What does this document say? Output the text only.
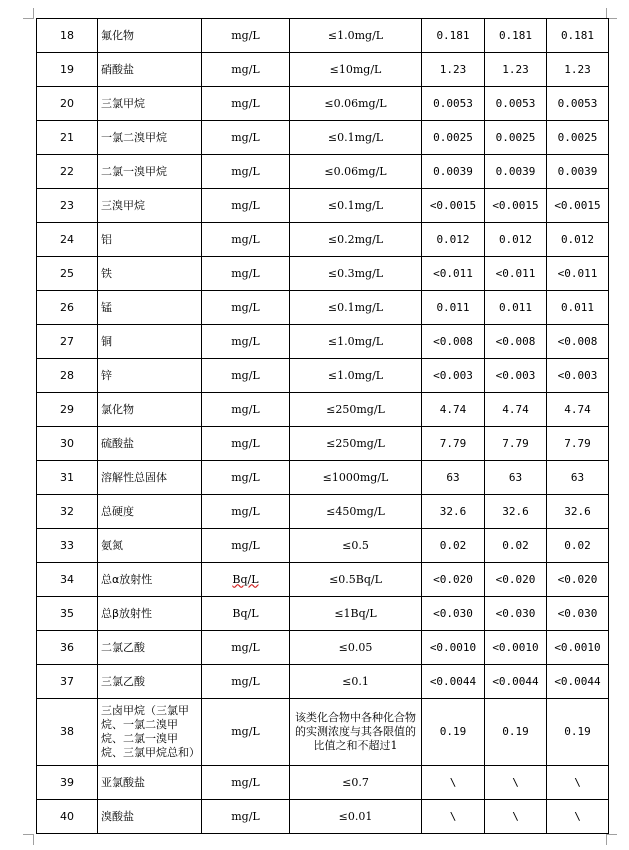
18	氟化物	mg/L	≤1.0mg/L	0.181	0.181	0.181
19	硝酸盐	mg/L	≤10mg/L	1.23	1.23	1.23
20	三氯甲烷	mg/L	≤0.06mg/L	0.0053	0.0053	0.0053
21	一氯二溴甲烷	mg/L	≤0.1mg/L	0.0025	0.0025	0.0025
22	二氯一溴甲烷	mg/L	≤0.06mg/L	0.0039	0.0039	0.0039
23	三溴甲烷	mg/L	≤0.1mg/L	<0.0015	<0.0015	<0.0015
24	铝	mg/L	≤0.2mg/L	0.012	0.012	0.012
25	铁	mg/L	≤0.3mg/L	<0.011	<0.011	<0.011
26	锰	mg/L	≤0.1mg/L	0.011	0.011	0.011
27	铜	mg/L	≤1.0mg/L	<0.008	<0.008	<0.008
28	锌	mg/L	≤1.0mg/L	<0.003	<0.003	<0.003
29	氯化物	mg/L	≤250mg/L	4.74	4.74	4.74
30	硫酸盐	mg/L	≤250mg/L	7.79	7.79	7.79
31	溶解性总固体	mg/L	≤1000mg/L	63	63	63
32	总硬度	mg/L	≤450mg/L	32.6	32.6	32.6
33	氨氮	mg/L	≤0.5	0.02	0.02	0.02
34	总α放射性	Bq/L	≤0.5Bq/L	<0.020	<0.020	<0.020
35	总β放射性	Bq/L	≤1Bq/L	<0.030	<0.030	<0.030
36	二氯乙酸	mg/L	≤0.05	<0.0010	<0.0010	<0.0010
37	三氯乙酸	mg/L	≤0.1	<0.0044	<0.0044	<0.0044
38	三卤甲烷（三氯甲烷、一氯二溴甲烷、二氯一溴甲烷、三氯甲烷总和）	mg/L	该类化合物中各种化合物的实测浓度与其各限值的比值之和不超过1	0.19	0.19	0.19
39	亚氯酸盐	mg/L	≤0.7	\	\	\
40	溴酸盐	mg/L	≤0.01	\	\	\
